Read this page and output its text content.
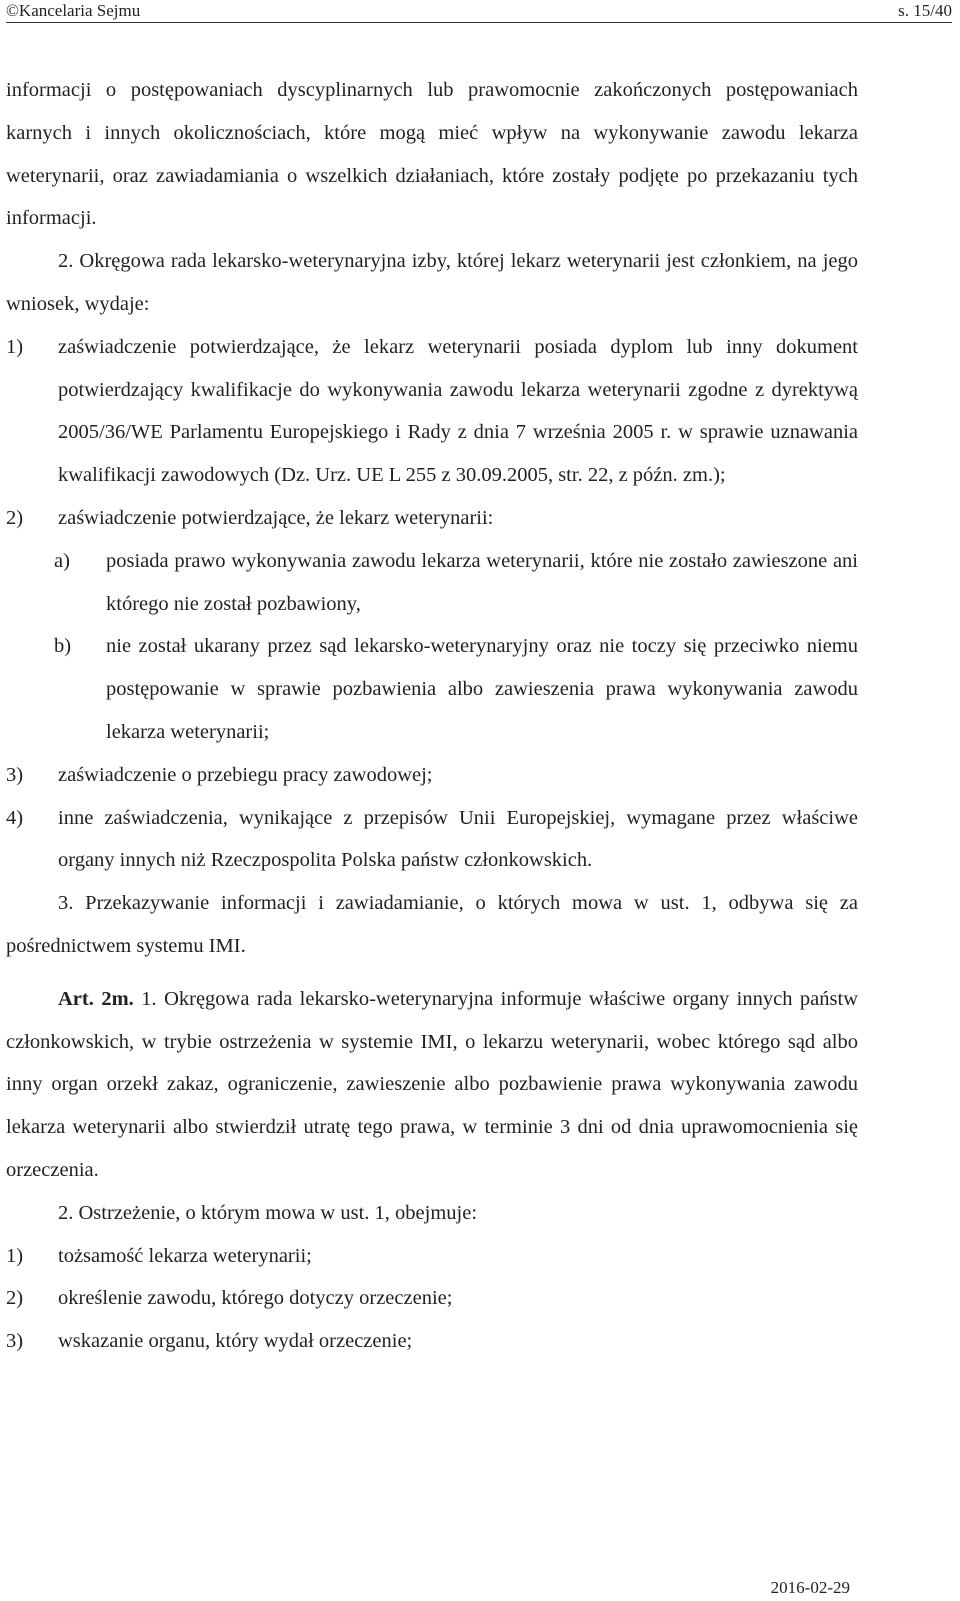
©Kancelaria Sejmu	s. 15/40

informacji o postępowaniach dyscyplinarnych lub prawomocnie zakończonych postępowaniach karnych i innych okolicznościach, które mogą mieć wpływ na wykonywanie zawodu lekarza weterynarii, oraz zawiadamiania o wszelkich działaniach, które zostały podjęte po przekazaniu tych informacji.

2. Okręgowa rada lekarsko-weterynaryjna izby, której lekarz weterynarii jest członkiem, na jego wniosek, wydaje:

1) zaświadczenie potwierdzające, że lekarz weterynarii posiada dyplom lub inny dokument potwierdzający kwalifikacje do wykonywania zawodu lekarza weterynarii zgodne z dyrektywą 2005/36/WE Parlamentu Europejskiego i Rady z dnia 7 września 2005 r. w sprawie uznawania kwalifikacji zawodowych (Dz. Urz. UE L 255 z 30.09.2005, str. 22, z późn. zm.);
2) zaświadczenie potwierdzające, że lekarz weterynarii:
a) posiada prawo wykonywania zawodu lekarza weterynarii, które nie zostało zawieszone ani którego nie został pozbawiony,
b) nie został ukarany przez sąd lekarsko-weterynaryjny oraz nie toczy się przeciwko niemu postępowanie w sprawie pozbawienia albo zawieszenia prawa wykonywania zawodu lekarza weterynarii;
3) zaświadczenie o przebiegu pracy zawodowej;
4) inne zaświadczenia, wynikające z przepisów Unii Europejskiej, wymagane przez właściwe organy innych niż Rzeczpospolita Polska państw członkowskich.

3. Przekazywanie informacji i zawiadamianie, o których mowa w ust. 1, odbywa się za pośrednictwem systemu IMI.

Art. 2m. 1. Okręgowa rada lekarsko-weterynaryjna informuje właściwe organy innych państw członkowskich, w trybie ostrzeżenia w systemie IMI, o lekarzu weterynarii, wobec którego sąd albo inny organ orzekł zakaz, ograniczenie, zawieszenie albo pozbawienie prawa wykonywania zawodu lekarza weterynarii albo stwierdził utratę tego prawa, w terminie 3 dni od dnia uprawomocnienia się orzeczenia.

2. Ostrzeżenie, o którym mowa w ust. 1, obejmuje:

1) tożsamość lekarza weterynarii;
2) określenie zawodu, którego dotyczy orzeczenie;
3) wskazanie organu, który wydał orzeczenie;
2016-02-29
